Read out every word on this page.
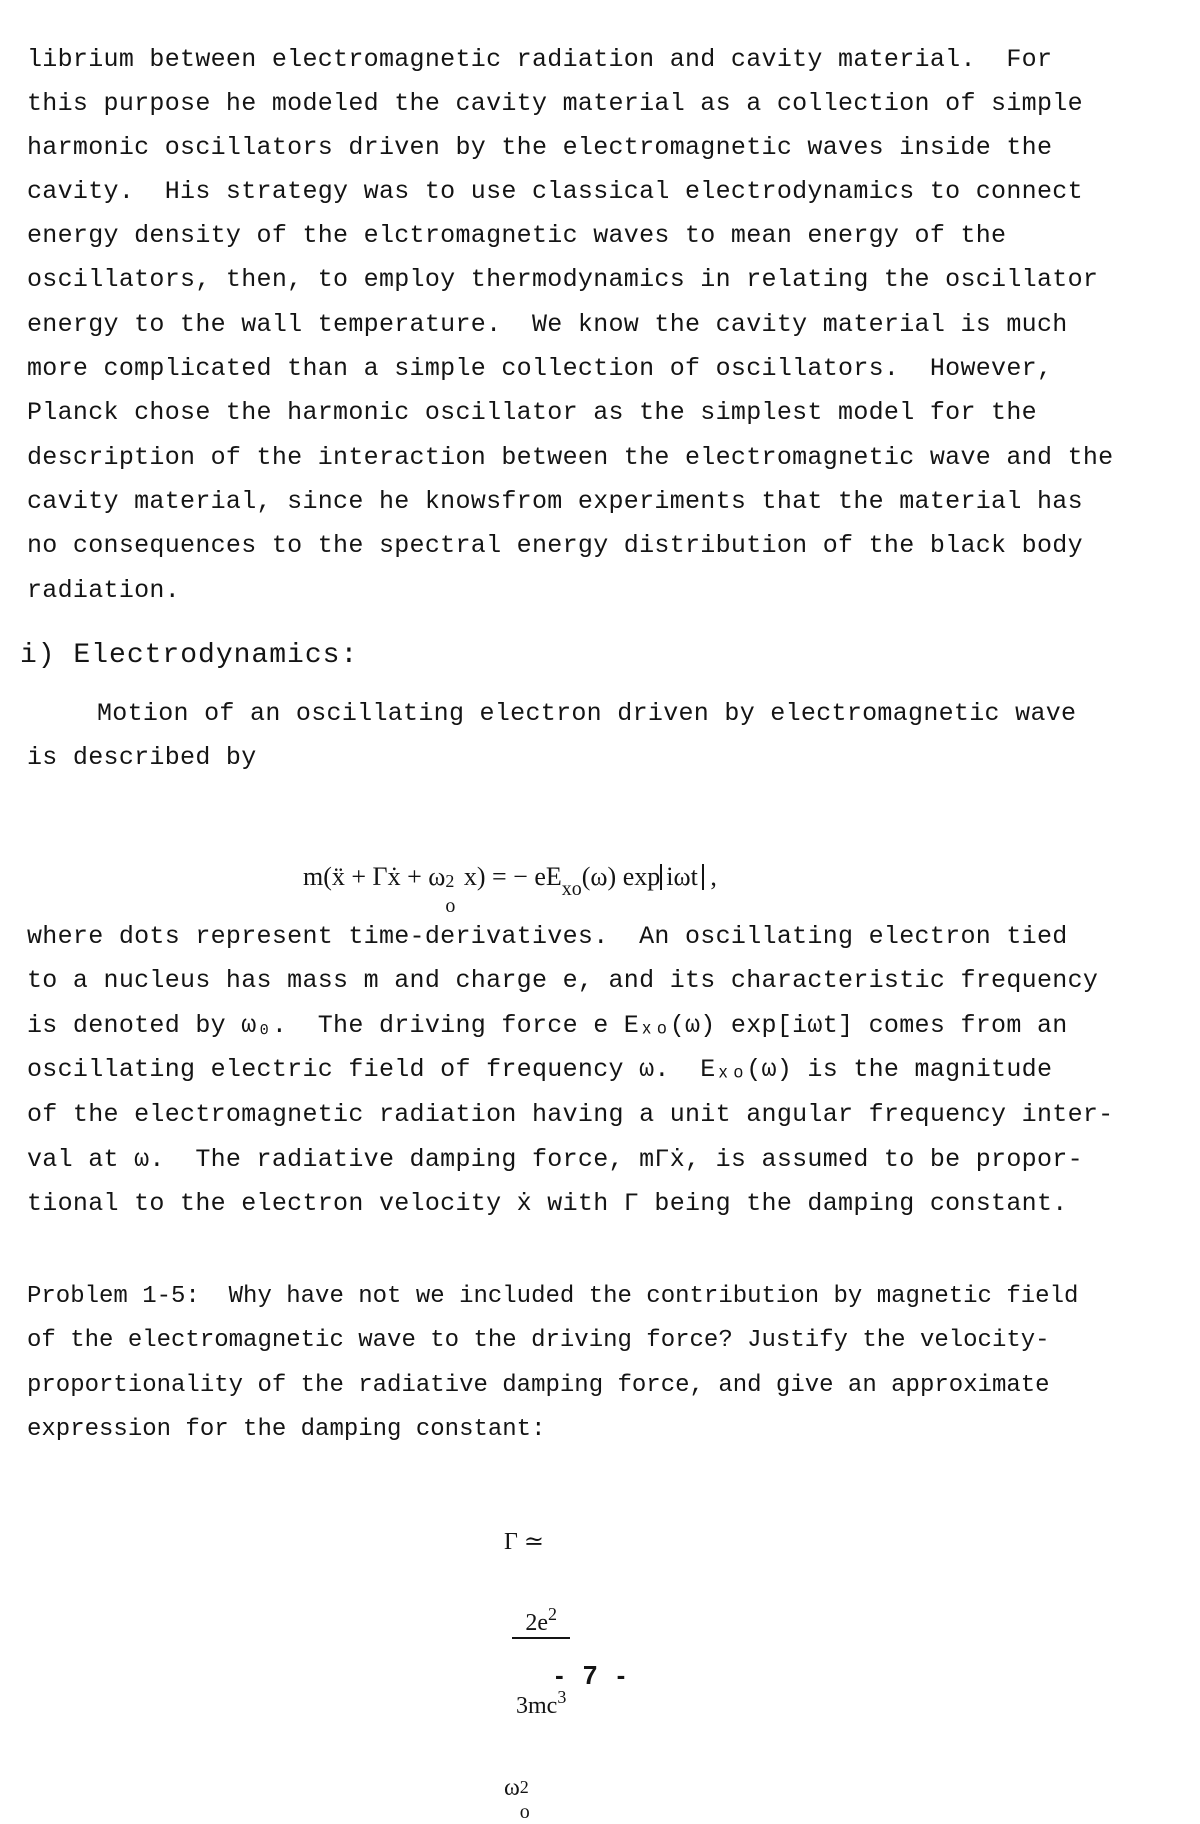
librium between electromagnetic radiation and cavity material.  For
this purpose he modeled the cavity material as a collection of simple
harmonic oscillators driven by the electromagnetic waves inside the
cavity.  His strategy was to use classical electrodynamics to connect
energy density of the elctromagnetic waves to mean energy of the
oscillators, then, to employ thermodynamics in relating the oscillator
energy to the wall temperature.  We know the cavity material is much
more complicated than a simple collection of oscillators.  However,
Planck chose the harmonic oscillator as the simplest model for the
description of the interaction between the electromagnetic wave and the
cavity material, since he knowsfrom experiments that the material has
no consequences to the spectral energy distribution of the black body
radiation.
i) Electrodynamics:
Motion of an oscillating electron driven by electromagnetic wave
is described by

m(ẍ + Γẋ + ω 2
o
x) = − $eE_{xo}(\omega)$ exp iωt ,

where dots represent time-derivatives.  An oscillating electron tied
to a nucleus has mass m and charge e, and its characteristic frequency
is denoted by ω₀.  The driving force e Eₓₒ(ω) exp[iωt] comes from an
oscillating electric field of frequency ω.  Eₓₒ(ω) is the magnitude
of the electromagnetic radiation having a unit angular frequency inter-
val at ω.  The radiative damping force, mΓẋ, is assumed to be propor-
tional to the electron velocity ẋ with Γ being the damping constant.
Problem 1-5:  Why have not we included the contribution by magnetic field
of the electromagnetic wave to the driving force? Justify the velocity-
proportionality of the radiative damping force, and give an approximate
expression for the damping constant:

Γ ≃

$\frac{2e^2}{3mc^3}$

ω 2
o

- 7 -
